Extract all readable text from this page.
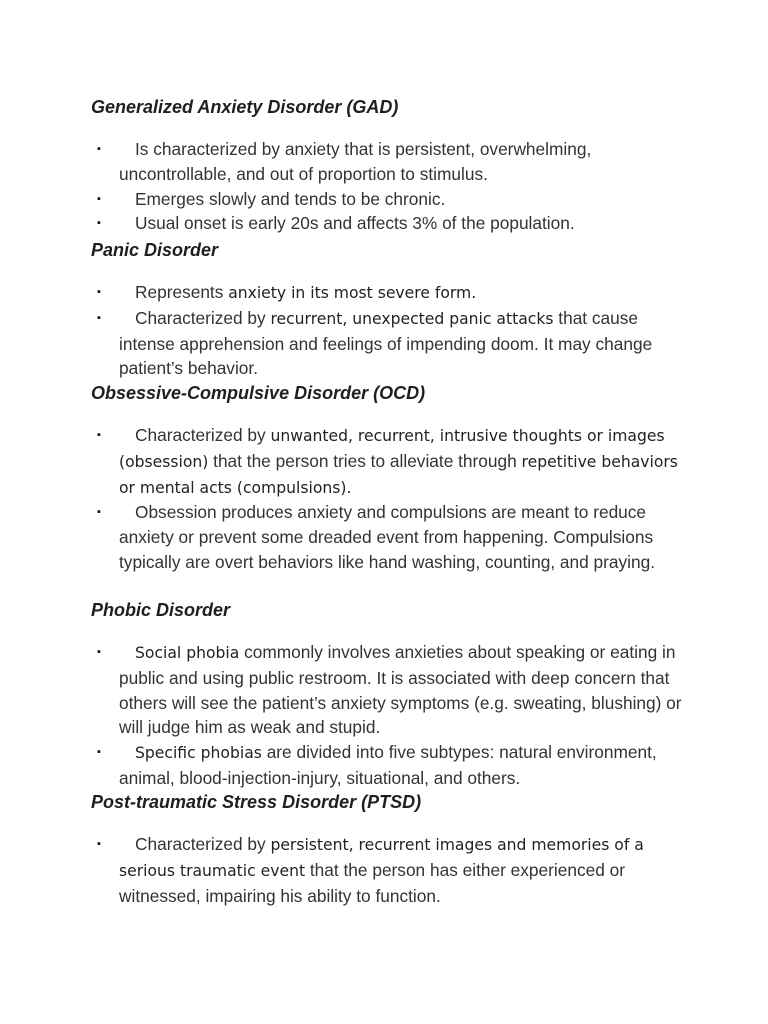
Generalized Anxiety Disorder (GAD)
▪	Is characterized by anxiety that is persistent, overwhelming, uncontrollable, and out of proportion to stimulus.
▪	Emerges slowly and tends to be chronic.
▪	Usual onset is early 20s and affects 3% of the population.
Panic Disorder
▪	Represents anxiety in its most severe form.
▪	Characterized by recurrent, unexpected panic attacks that cause intense apprehension and feelings of impending doom. It may change patient’s behavior.
Obsessive-Compulsive Disorder (OCD)
▪	Characterized by unwanted, recurrent, intrusive thoughts or images (obsession) that the person tries to alleviate through repetitive behaviors or mental acts (compulsions).
▪	Obsession produces anxiety and compulsions are meant to reduce anxiety or prevent some dreaded event from happening. Compulsions typically are overt behaviors like hand washing, counting, and praying.
Phobic Disorder
▪	Social phobia commonly involves anxieties about speaking or eating in public and using public restroom. It is associated with deep concern that others will see the patient’s anxiety symptoms (e.g. sweating, blushing) or will judge him as weak and stupid.
▪	Specific phobias are divided into five subtypes: natural environment, animal, blood-injection-injury, situational, and others.
Post-traumatic Stress Disorder (PTSD)
▪	Characterized by persistent, recurrent images and memories of a serious traumatic event that the person has either experienced or witnessed, impairing his ability to function.
